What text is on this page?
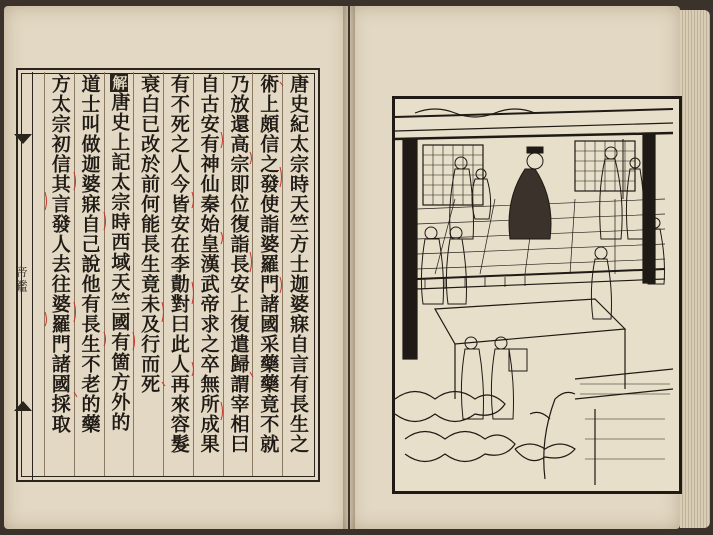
帝鑑	唐史紀太宗時天竺方士迦婆寐自言有長生之
術上頗信之發使詣婆羅門諸國采藥藥竟不就
乃放還高宗即位復詣長安上復遣歸謂宰相曰
自古安有神仙秦始皇漢武帝求之卒無所成果
有不死之人今皆安在李勣對曰此人再來容髮
衰白已改於前何能長生竟未及行而死
解唐史上記太宗時西域天竺國有箇方外的
道士叫做迦婆寐自己說他有長生不老的藥
方太宗初信其言發人去往婆羅門諸國採取
